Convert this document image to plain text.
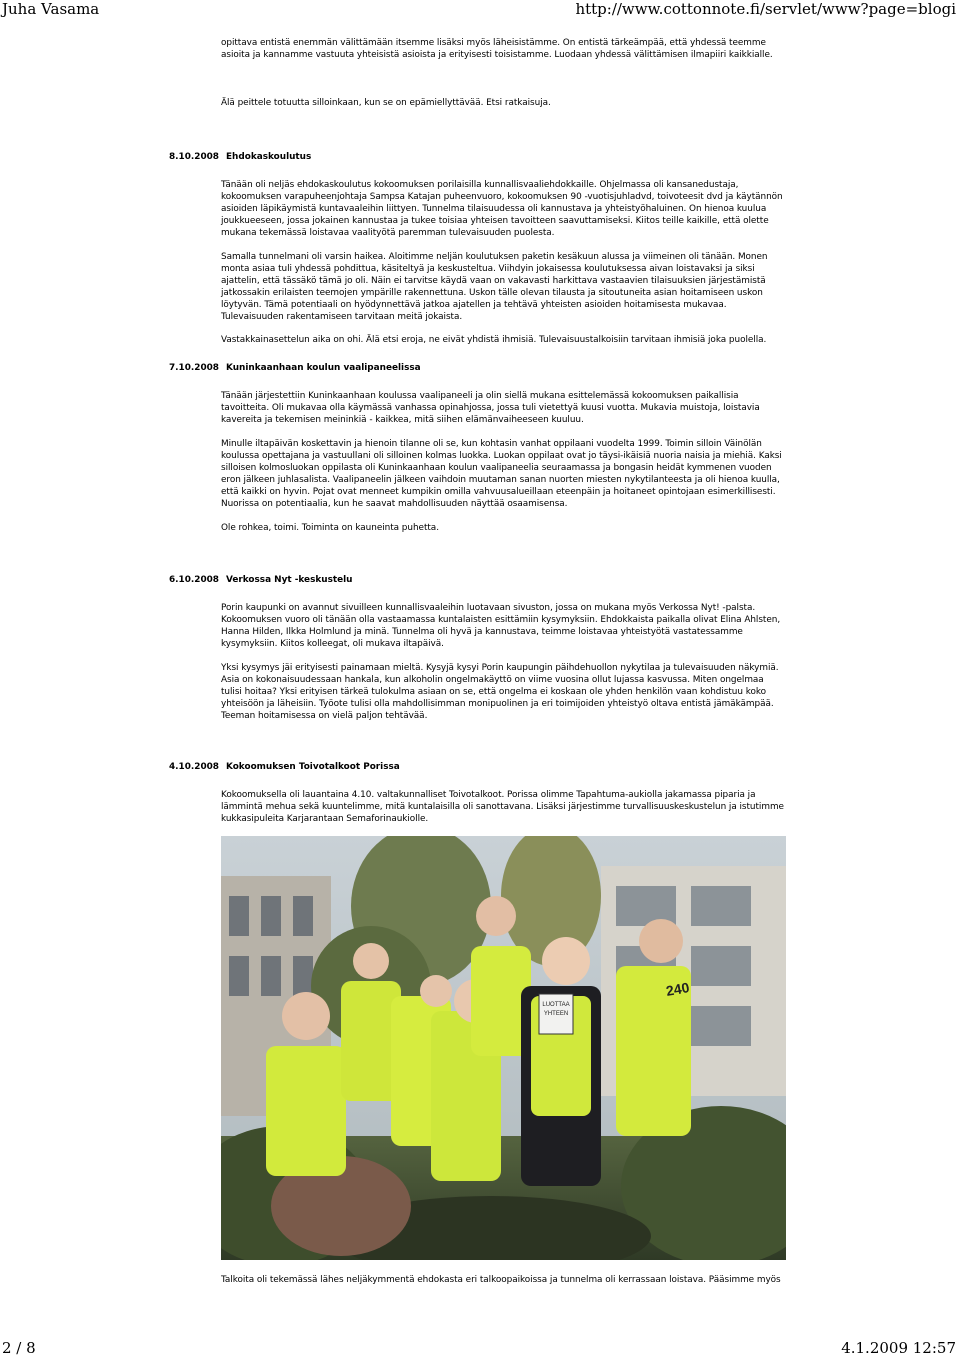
Juha Vasama	http://www.cottonnote.fi/servlet/www?page=blogi
opittava entistä enemmän välittämään itsemme lisäksi myös läheisistämme. On entistä tärkeämpää, että yhdessä teemme asioita ja kannamme vastuuta yhteisistä asioista ja erityisesti toisistamme. Luodaan yhdessä välittämisen ilmapiiri kaikkialle.
Älä peittele totuutta silloinkaan, kun se on epämiellyttävää. Etsi ratkaisuja.
8.10.2008 Ehdokaskoulutus
Tänään oli neljäs ehdokaskoulutus kokoomuksen porilaisilla kunnallisvaaliehdokkaille. Ohjelmassa oli kansanedustaja, kokoomuksen varapuheenjohtaja Sampsa Katajan puheenvuoro, kokoomuksen 90 -vuotisjuhladvd, toivoteesit dvd ja käytännön asioiden läpikäymistä kuntavaaleihin liittyen. Tunnelma tilaisuudessa oli kannustava ja yhteistyöhaluinen. On hienoa kuulua joukkueeseen, jossa jokainen kannustaa ja tukee toisiaa yhteisen tavoitteen saavuttamiseksi. Kiitos teille kaikille, että olette mukana tekemässä loistavaa vaalityötä paremman tulevaisuuden puolesta.
Samalla tunnelmani oli varsin haikea. Aloitimme neljän koulutuksen paketin kesäkuun alussa ja viimeinen oli tänään. Monen monta asiaa tuli yhdessä pohdittua, käsiteltyä ja keskusteltua. Viihdyin jokaisessa koulutuksessa aivan loistavaksi ja siksi ajattelin, että tässäkö tämä jo oli. Näin ei tarvitse käydä vaan on vakavasti harkittava vastaavien tilaisuuksien järjestämistä jatkossakin erilaisten teemojen ympärille rakennettuna. Uskon tälle olevan tilausta ja sitoutuneita asian hoitamiseen uskon löytyvän. Tämä potentiaali on hyödynnettävä jatkoa ajatellen ja tehtävä yhteisten asioiden hoitamisesta mukavaa. Tulevaisuuden rakentamiseen tarvitaan meitä jokaista.
Vastakkainasettelun aika on ohi. Älä etsi eroja, ne eivät yhdistä ihmisiä. Tulevaisuustalkoisiin tarvitaan ihmisiä joka puolella.
7.10.2008 Kuninkaanhaan koulun vaalipaneelissa
Tänään järjestettiin Kuninkaanhaan koulussa vaalipaneeli ja olin siellä mukana esittelemässä kokoomuksen paikallisia tavoitteita. Oli mukavaa olla käymässä vanhassa opinahjossa, jossa tuli vietettyä kuusi vuotta. Mukavia muistoja, loistavia kavereita ja tekemisen meininkiä - kaikkea, mitä siihen elämänvaiheeseen kuuluu.
Minulle iltapäivän koskettavin ja hienoin tilanne oli se, kun kohtasin vanhat oppilaani vuodelta 1999. Toimin silloin Väinölän koulussa opettajana ja vastuullani oli silloinen kolmas luokka. Luokan oppilaat ovat jo täysi-ikäisiä nuoria naisia ja miehiä. Kaksi silloisen kolmosluokan oppilasta oli Kuninkaanhaan koulun vaalipaneelia seuraamassa ja bongasin heidät kymmenen vuoden eron jälkeen juhlasalista. Vaalipaneelin jälkeen vaihdoin muutaman sanan nuorten miesten nykytilanteesta ja oli hienoa kuulla, että kaikki on hyvin. Pojat ovat menneet kumpikin omilla vahvuusalueillaan eteenpäin ja hoitaneet opintojaan esimerkillisesti. Nuorissa on potentiaalia, kun he saavat mahdollisuuden näyttää osaamisensa.
Ole rohkea, toimi. Toiminta on kauneinta puhetta.
6.10.2008 Verkossa Nyt -keskustelu
Porin kaupunki on avannut sivuilleen kunnallisvaaleihin luotavaan sivuston, jossa on mukana myös Verkossa Nyt! -palsta. Kokoomuksen vuoro oli tänään olla vastaamassa kuntalaisten esittämiin kysymyksiin. Ehdokkaista paikalla olivat Elina Ahlsten, Hanna Hilden, Ilkka Holmlund ja minä. Tunnelma oli hyvä ja kannustava, teimme loistavaa yhteistyötä vastatessamme kysymyksiin. Kiitos kolleegat, oli mukava iltapäivä.
Yksi kysymys jäi erityisesti painamaan mieltä. Kysyjä kysyi Porin kaupungin päihdehuollon nykytilaa ja tulevaisuuden näkymiä. Asia on kokonaisuudessaan hankala, kun alkoholin ongelmakäyttö on viime vuosina ollut lujassa kasvussa. Miten ongelmaa tulisi hoitaa? Yksi erityisen tärkeä tulokulma asiaan on se, että ongelma ei koskaan ole yhden henkilön vaan kohdistuu koko yhteisöön ja läheisiin. Työote tulisi olla mahdollisimman monipuolinen ja eri toimijoiden yhteistyö oltava entistä jämäkämpää. Teeman hoitamisessa on vielä paljon tehtävää.
4.10.2008 Kokoomuksen Toivotalkoot Porissa
Kokoomuksella oli lauantaina 4.10. valtakunnalliset Toivotalkoot. Porissa olimme Tapahtuma-aukiolla jakamassa piparia ja lämmintä mehua sekä kuuntelimme, mitä kuntalaisilla oli sanottavana. Lisäksi järjestimme turvallisuuskeskustelun ja istutimme kukkasipuleita Karjarantaan Semaforinaukiolle.
LUOTTAA
YHTEEN
240
Talkoita oli tekemässä lähes neljäkymmentä ehdokasta eri talkoopaikoissa ja tunnelma oli kerrassaan loistava. Pääsimme myös
2 / 8	4.1.2009 12:57
